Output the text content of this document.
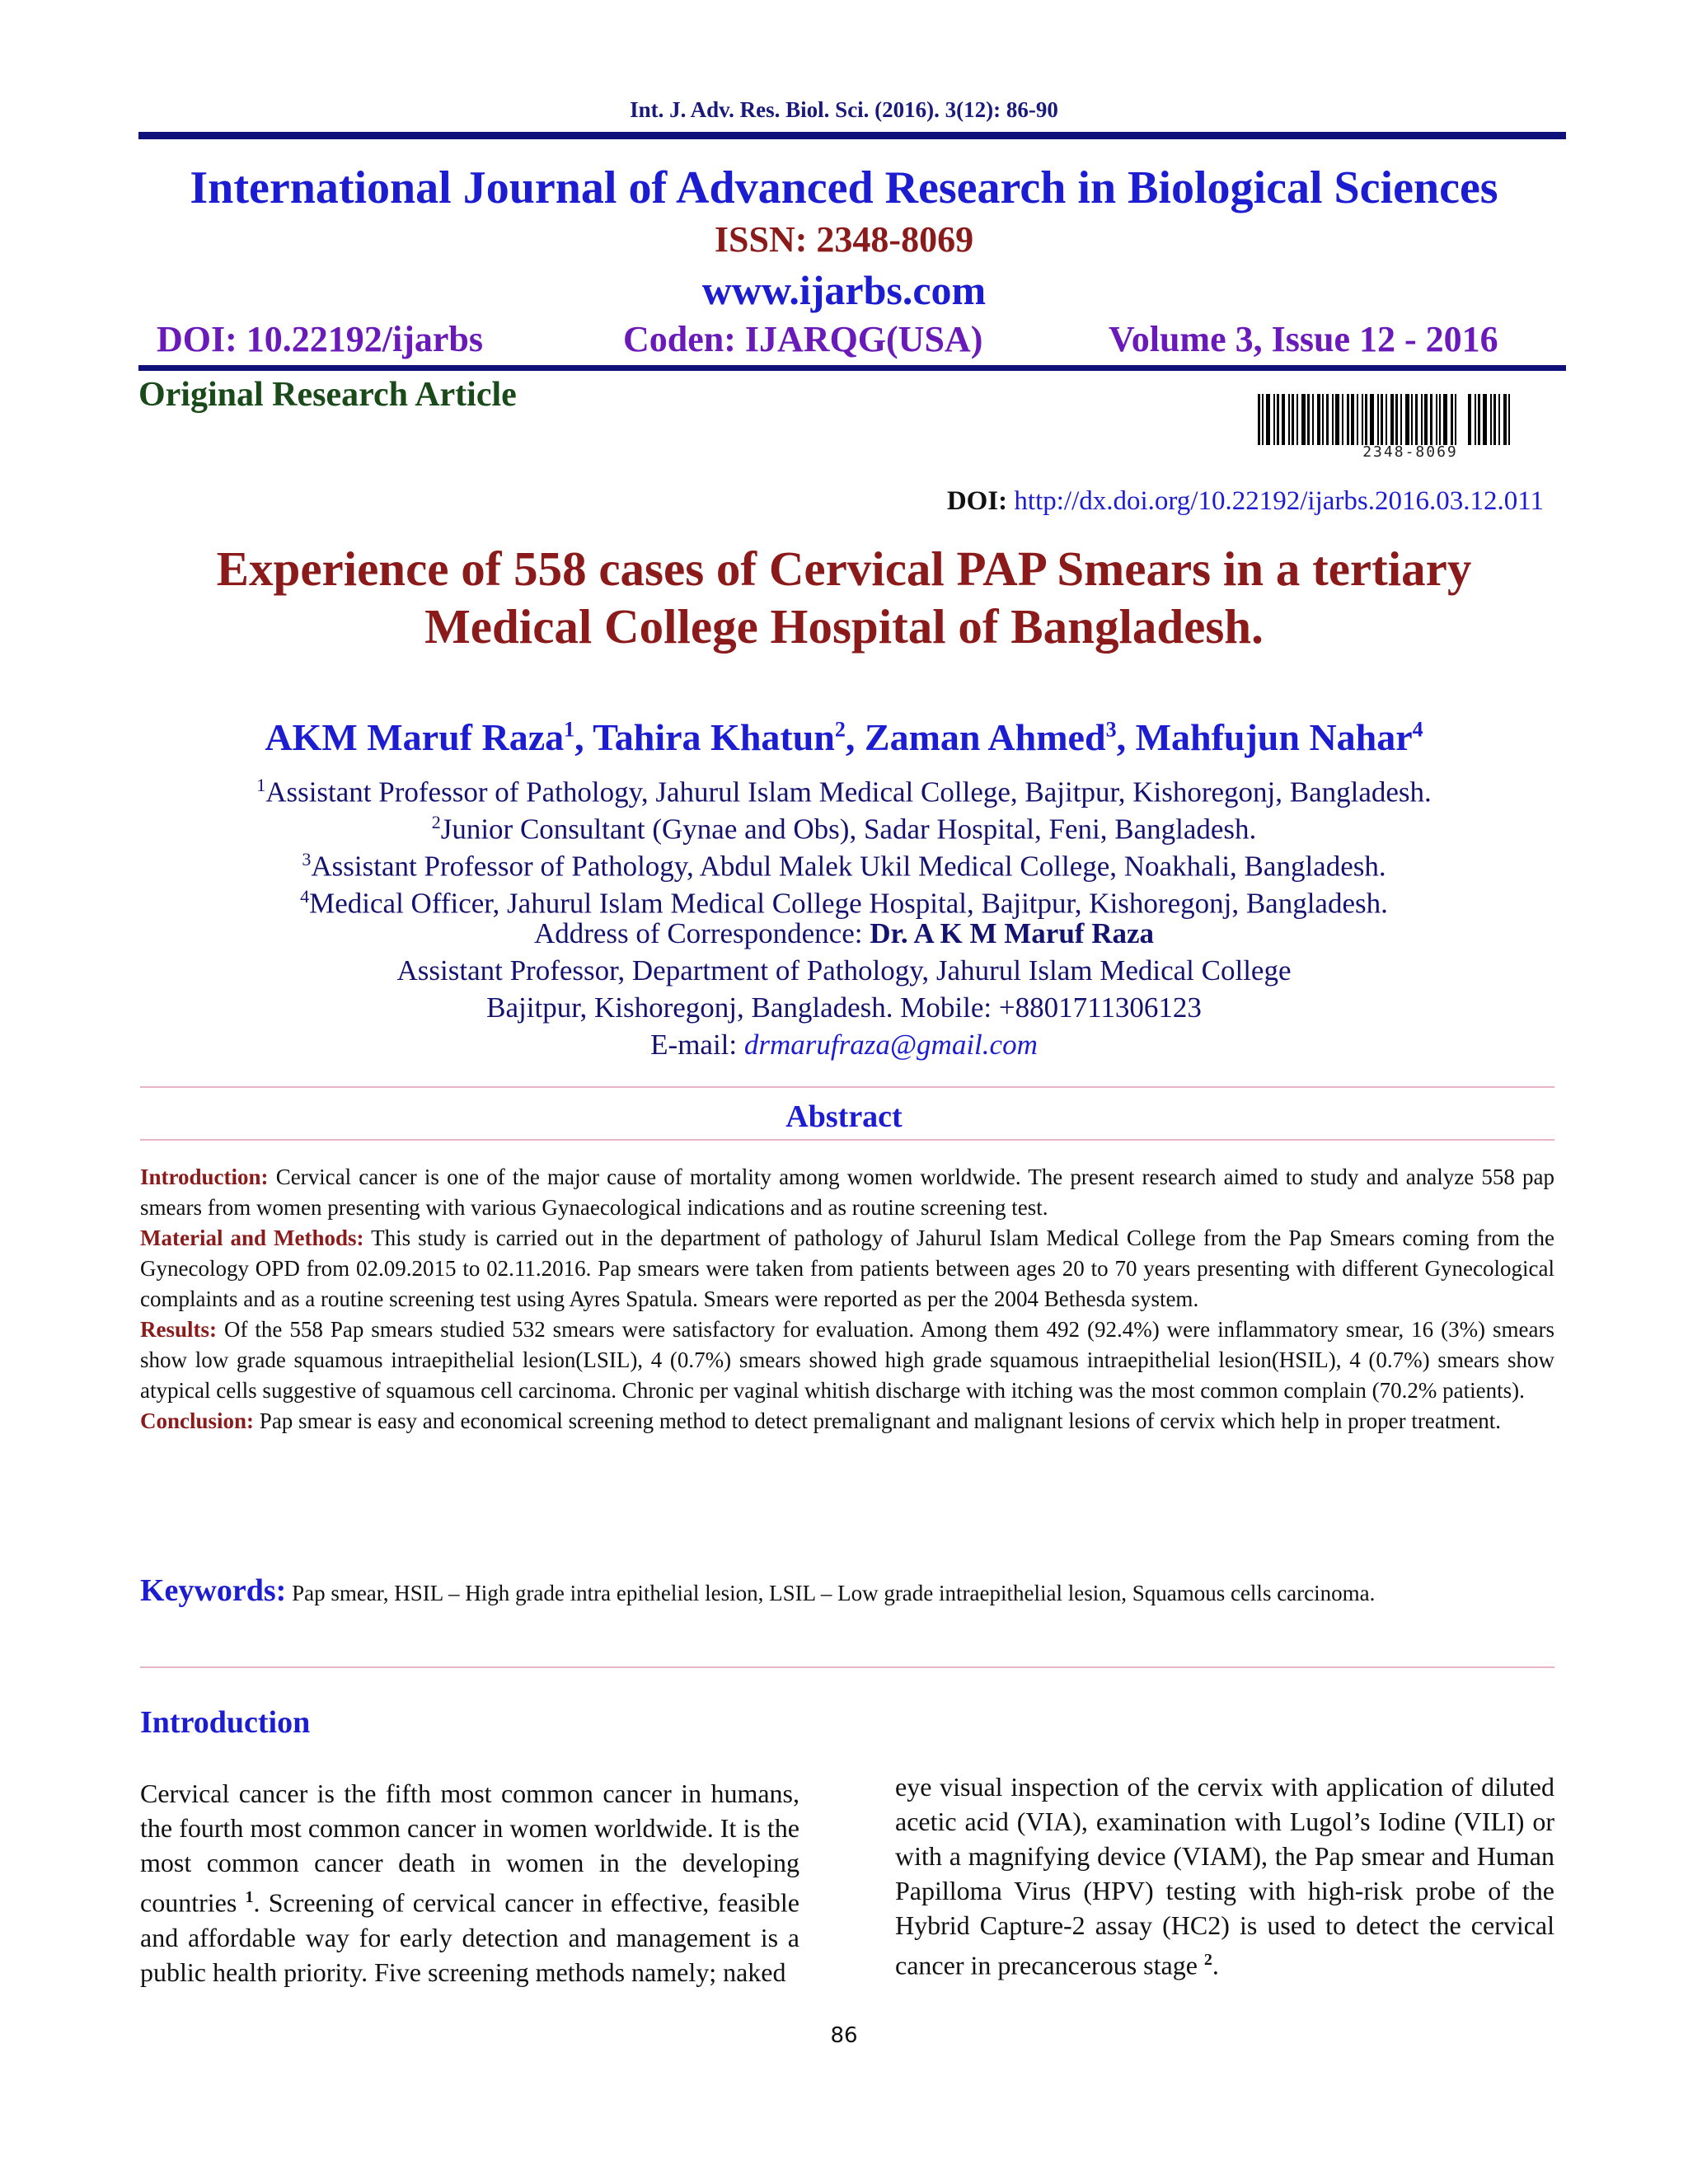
Int. J. Adv. Res. Biol. Sci. (2016). 3(12): 86-90
International Journal of Advanced Research in Biological Sciences
ISSN: 2348-8069
www.ijarbs.com
DOI: 10.22192/ijarbs	Coden: IJARQG(USA)	Volume 3, Issue 12 - 2016
Original Research Article
2348-8069
DOI: http://dx.doi.org/10.22192/ijarbs.2016.03.12.011
Experience of 558 cases of Cervical PAP Smears in a tertiary
Medical College Hospital of Bangladesh.
AKM Maruf Raza$^1$, Tahira Khatun$^2$, Zaman Ahmed$^3$, Mahfujun Nahar$^4$
$^1$Assistant Professor of Pathology, Jahurul Islam Medical College, Bajitpur, Kishoregonj, Bangladesh.
$^2$Junior Consultant (Gynae and Obs), Sadar Hospital, Feni, Bangladesh.
$^3$Assistant Professor of Pathology, Abdul Malek Ukil Medical College, Noakhali, Bangladesh.
$^4$Medical Officer, Jahurul Islam Medical College Hospital, Bajitpur, Kishoregonj, Bangladesh.
Address of Correspondence: Dr. A K M Maruf Raza
Assistant Professor, Department of Pathology, Jahurul Islam Medical College
Bajitpur, Kishoregonj, Bangladesh. Mobile: +8801711306123
E-mail: drmarufraza@gmail.com
Abstract
Introduction: Cervical cancer is one of the major cause of mortality among women worldwide. The present research aimed to study and analyze 558 pap smears from women presenting with various Gynaecological indications and as routine screening test.
Material and Methods: This study is carried out in the department of pathology of Jahurul Islam Medical College from the Pap Smears coming from the Gynecology OPD from 02.09.2015 to 02.11.2016. Pap smears were taken from patients between ages 20 to 70 years presenting with different Gynecological complaints and as a routine screening test using Ayres Spatula. Smears were reported as per the 2004 Bethesda system.
Results: Of the 558 Pap smears studied 532 smears were satisfactory for evaluation. Among them 492 (92.4%) were inflammatory smear, 16 (3%) smears show low grade squamous intraepithelial lesion(LSIL), 4 (0.7%) smears showed high grade squamous intraepithelial lesion(HSIL), 4 (0.7%) smears show atypical cells suggestive of squamous cell carcinoma. Chronic per vaginal whitish discharge with itching was the most common complain (70.2% patients).
Conclusion: Pap smear is easy and economical screening method to detect premalignant and malignant lesions of cervix which help in proper treatment.
Keywords: Pap smear, HSIL – High grade intra epithelial lesion, LSIL – Low grade intraepithelial lesion, Squamous cells carcinoma.
Introduction
Cervical cancer is the fifth most common cancer in humans, the fourth most common cancer in women worldwide. It is the most common cancer death in women in the developing countries $^1$. Screening of cervical cancer in effective, feasible and affordable way for early detection and management is a public health priority. Five screening methods namely; naked
eye visual inspection of the cervix with application of diluted acetic acid (VIA), examination with Lugol’s Iodine (VILI) or with a magnifying device (VIAM), the Pap smear and Human Papilloma Virus (HPV) testing with high-risk probe of the Hybrid Capture-2 assay (HC2) is used to detect the cervical cancer in precancerous stage $^2$.
86
